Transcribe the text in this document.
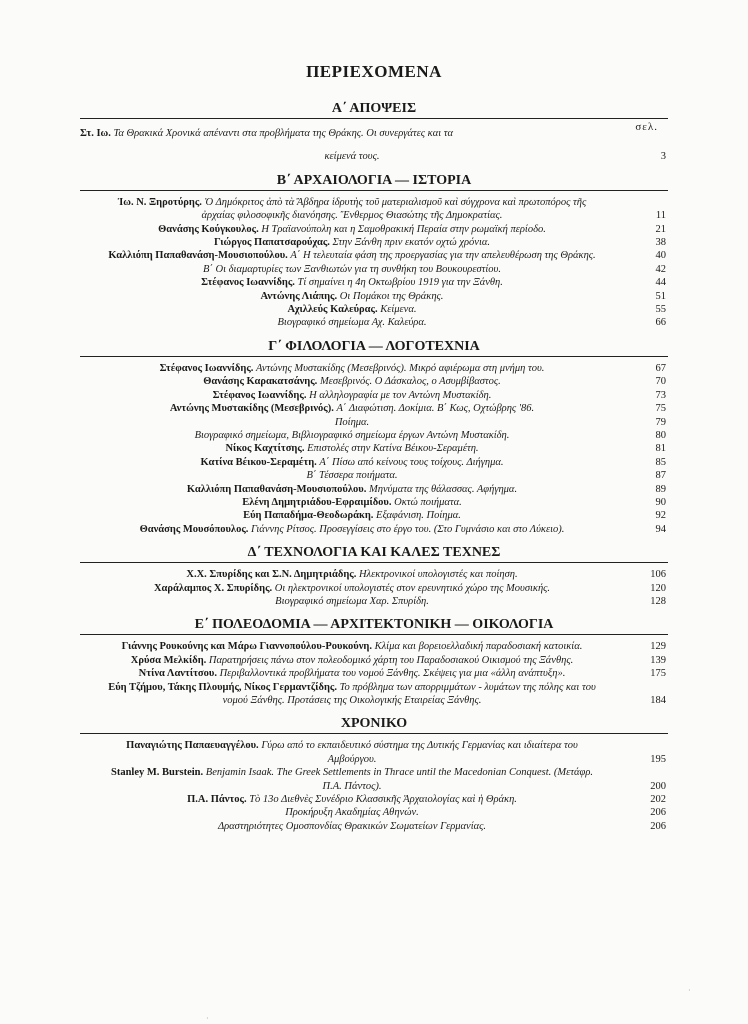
ΠΕΡΙΕΧΟΜΕΝΑ
Α΄ ΑΠΟΨΕΙΣ
σελ.
Στ. Ιω. Τα Θρακικά Χρονικά απέναντι στα προβλήματα της Θράκης. Οι συνεργάτες και τα
κείμενά τους.	3
Β΄ ΑΡΧΑΙΟΛΟΓΙΑ — ΙΣΤΟΡΙΑ
Ἰω. Ν. Ξηροτύρης. Ὁ Δημόκριτος ἀπὸ τὰ Ἄβδηρα ἱδρυτὴς τοῦ ματεριαλισμοῦ καὶ σύγχρονα καὶ πρωτοπόρος τῆς ἀρχαίας φιλοσοφικῆς διανόησης. Ἔνθερμος Θιασώτης τῆς Δημοκρατίας.	11
Θανάσης Κούγκουλος. Η Τραϊανούπολη και η Σαμοθρακική Περαία στην ρωμαϊκή περίοδο.	21
Γιώργος Παπατσαρούχας. Στην Ξάνθη πριν εκατόν οχτώ χρόνια.	38
Καλλιόπη Παπαθανάση-Μουσιοπούλου. Α΄ Η τελευταία φάση της προεργασίας για την απελευθέρωση της Θράκης.	40
Β΄ Οι διαμαρτυρίες των Ξανθιωτών για τη συνθήκη του Βουκουρεστίου.	42
Στέφανος Ιωαννίδης. Τί σημαίνει η 4η Οκτωβρίου 1919 για την Ξάνθη.	44
Αντώνης Λιάπης. Οι Πομάκοι της Θράκης.	51
Αχιλλεύς Καλεύρας. Κείμενα.	55
Βιογραφικό σημείωμα Αχ. Καλεύρα.	66
Γ΄ ΦΙΛΟΛΟΓΙΑ — ΛΟΓΟΤΕΧΝΙΑ
Στέφανος Ιωαννίδης. Αντώνης Μυστακίδης (Μεσεβρινός). Μικρό αφιέρωμα στη μνήμη του.	67
Θανάσης Καρακατσάνης. Μεσεβρινός. Ο Δάσκαλος, ο Ασυμβίβαστος.	70
Στέφανος Ιωαννίδης. Η αλληλογραφία με τον Αντώνη Μυστακίδη.	73
Αντώνης Μυστακίδης (Μεσεβρινός). Α΄ Διαφώτιση. Δοκίμια. Β΄ Κως, Οχτώβρης '86.	75
Ποίημα.	79
Βιογραφικό σημείωμα, Βιβλιογραφικό σημείωμα έργων Αντώνη Μυστακίδη.	80
Νίκος Καχτίτσης. Επιστολές στην Κατίνα Βέικου-Σεραμέτη.	81
Κατίνα Βέικου-Σεραμέτη. Α΄ Πίσω από κείνους τους τοίχους. Διήγημα.	85
Β΄ Τέσσερα ποιήματα.	87
Καλλιόπη Παπαθανάση-Μουσιοπούλου. Μηνύματα της θάλασσας. Αφήγημα.	89
Ελένη Δημητριάδου-Εφραιμίδου. Οκτώ ποιήματα.	90
Εύη Παπαδήμα-Θεοδωράκη. Εξαφάνιση. Ποίημα.	92
Θανάσης Μουσόπουλος. Γιάννης Ρίτσος. Προσεγγίσεις στο έργο του. (Στο Γυμνάσιο και στο Λύκειο).	94
Δ΄ ΤΕΧΝΟΛΟΓΙΑ ΚΑΙ ΚΑΛΕΣ ΤΕΧΝΕΣ
Χ.Χ. Σπυρίδης και Σ.Ν. Δημητριάδης. Ηλεκτρονικοί υπολογιστές και ποίηση.	106
Χαράλαμπος Χ. Σπυρίδης. Οι ηλεκτρονικοί υπολογιστές στον ερευνητικό χώρο της Μουσικής.	120
Βιογραφικό σημείωμα Χαρ. Σπυρίδη.	128
Ε΄ ΠΟΛΕΟΔΟΜΙΑ — ΑΡΧΙΤΕΚΤΟΝΙΚΗ — ΟΙΚΟΛΟΓΙΑ
Γιάννης Ρουκούνης και Μάρω Γιαννοπούλου-Ρουκούνη. Κλίμα και βορειοελλαδική παραδοσιακή κατοικία.	129
Χρύσα Μελκίδη. Παρατηρήσεις πάνω στον πολεοδομικό χάρτη του Παραδοσιακού Οικισμού της Ξάνθης.	139
Ντίνα Λαντίτσου. Περιβαλλοντικά προβλήματα του νομού Ξάνθης. Σκέψεις για μια «άλλη ανάπτυξη».	175
Εύη Τζήμου, Τάκης Πλουμής, Νίκος Γερμαντζίδης. Το πρόβλημα των απορριμμάτων - λυμάτων της πόλης και του νομού Ξάνθης. Προτάσεις της Οικολογικής Εταιρείας Ξάνθης.	184
ΧΡΟΝΙΚΟ
Παναγιώτης Παπαευαγγέλου. Γύρω από το εκπαιδευτικό σύστημα της Δυτικής Γερμανίας και ιδιαίτερα του Αμβούργου.	195
Stanley M. Burstein. Benjamin Isaak. The Greek Settlements in Thrace until the Macedonian Conquest. (Μετάφρ. Π.Α. Πάντος).	200
Π.Α. Πάντος. Τὸ 13ο Διεθνὲς Συνέδριο Κλασσικῆς Ἀρχαιολογίας καὶ ἡ Θράκη.	202
Προκήρυξη Ακαδημίας Αθηνών.	206
Δραστηριότητες Ομοσπονδίας Θρακικών Σωματείων Γερμανίας.	206
·
·
